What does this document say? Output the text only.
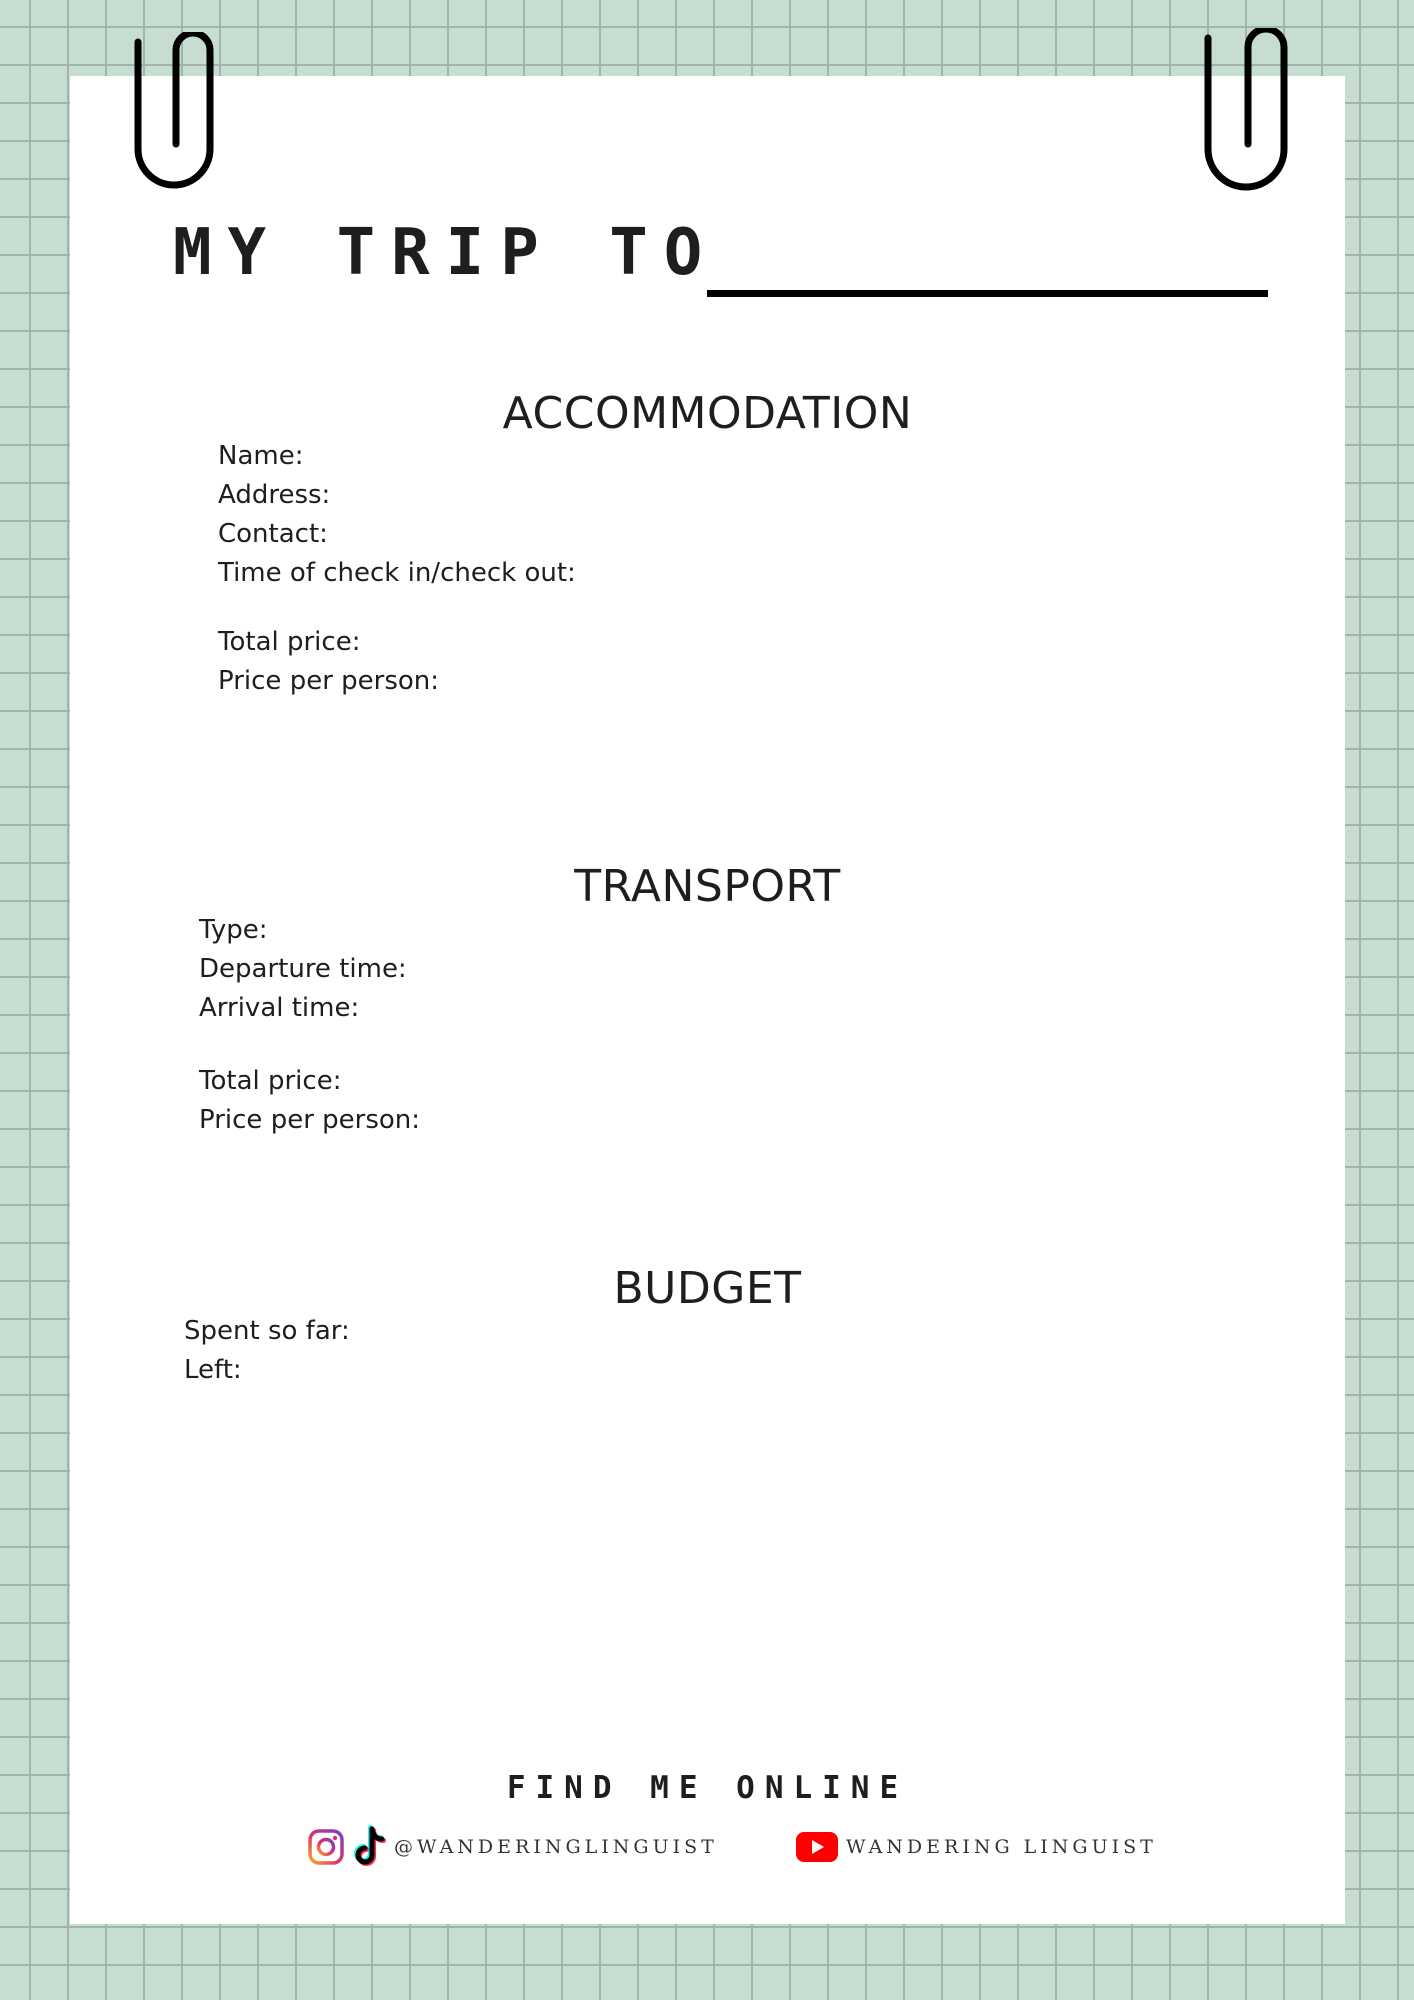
MY TRIP TO
ACCOMMODATION
Name:
Address:
Contact:
Time of check in/check out:
Total price:
Price per person:
TRANSPORT
Type:
Departure time:
Arrival time:
Total price:
Price per person:
BUDGET
Spent so far:
Left:
FIND ME ONLINE
@WANDERINGLINGUIST	WANDERING LINGUIST
